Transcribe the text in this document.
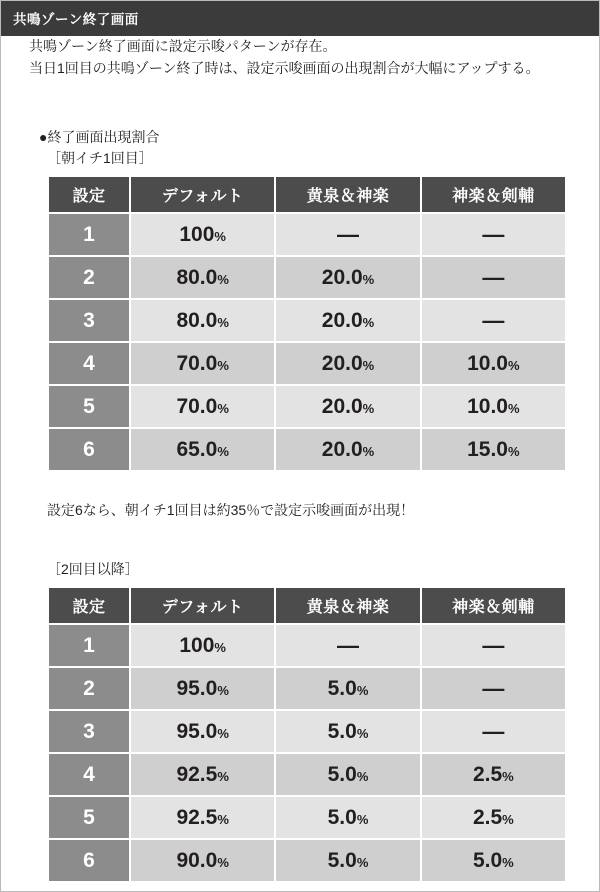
共鳴ゾーン終了画面

共鳴ゾーン終了画面に設定示唆パターンが存在。

当日1回目の共鳴ゾーン終了時は、設定示唆画面の出現割合が大幅にアップする。

●終了画面出現割合
［朝イチ1回目］
設定	デフォルト	黄泉＆神楽	神楽＆剣輔
1	100%	—	—
2	80.0%	20.0%	—
3	80.0%	20.0%	—
4	70.0%	20.0%	10.0%
5	70.0%	20.0%	10.0%
6	65.0%	20.0%	15.0%
設定6なら、朝イチ1回目は約35％で設定示唆画面が出現！
［2回目以降］
設定	デフォルト	黄泉＆神楽	神楽＆剣輔
1	100%	—	—
2	95.0%	5.0%	—
3	95.0%	5.0%	—
4	92.5%	5.0%	2.5%
5	92.5%	5.0%	2.5%
6	90.0%	5.0%	5.0%
